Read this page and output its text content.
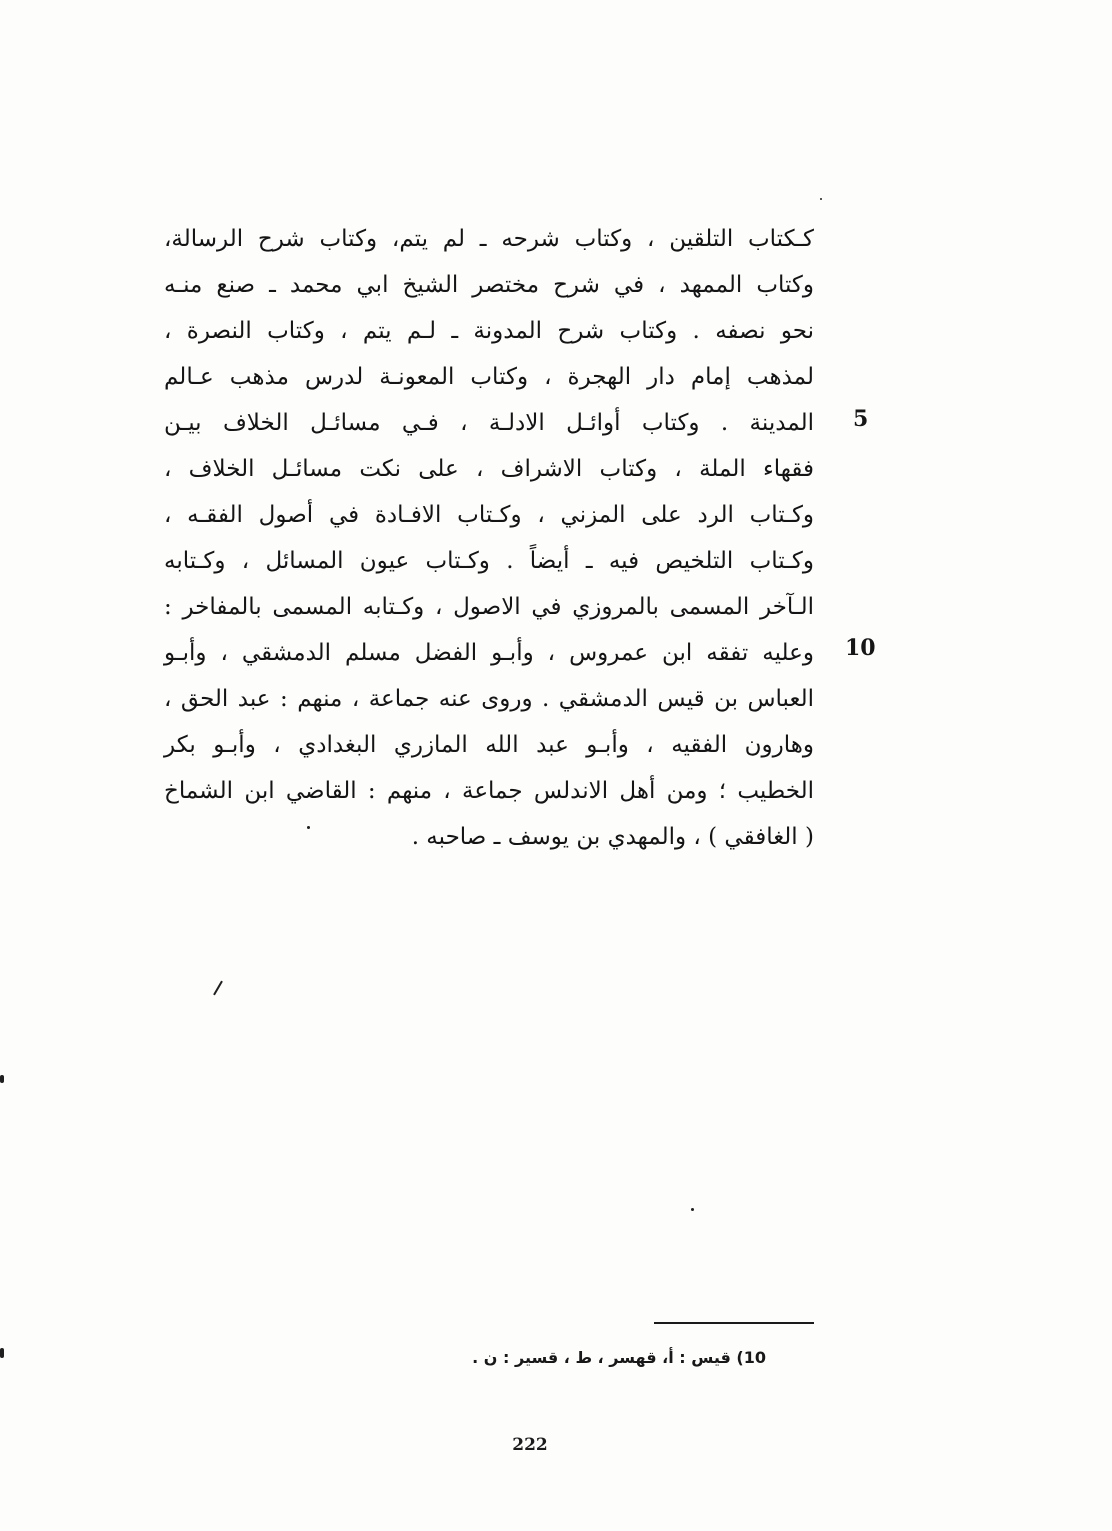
كـكتاب التلقين ، وكتاب شرحه ـ لم يتم، وكتاب شرح الرسالة،
وكتاب الممهد ، في شرح مختصر الشيخ ابي محمد ـ صنع منـه
نحو نصفه . وكتاب شرح المدونة ـ لـم يتم ، وكتاب النصرة ،
لمذهب إمام دار الهجرة ، وكتاب المعونـة لدرس مذهب عـالم
المدينة . وكتاب أوائـل الادلـة ، فـي مسائـل الخلاف بيـن
فقهاء الملة ، وكتاب الاشراف ، على نكت مسائـل الخلاف ،
وكـتاب الرد على المزني ، وكـتاب الافـادة في أصول الفقـه ،
وكـتاب التلخيص فيه ـ أيضاً . وكـتاب عيون المسائل ، وكـتابه
الـآخر المسمى بالمروزي في الاصول ، وكـتابه المسمى بالمفاخر :
وعليه تفقه ابن عمروس ، وأبـو الفضل مسلم الدمشقي ، وأبـو
العباس بن قيس الدمشقي . وروى عنه جماعة ، منهم : عبد الحق ،
وهارون الفقيه ، وأبـو عبد الله المازري البغدادي ، وأبـو بكر
الخطيب ؛ ومن أهل الاندلس جماعة ، منهم : القاضي ابن الشماخ
( الغافقي ) ، والمهدي بن يوسف ـ صاحبه .
5
10
10) قيس : أ، قهسر ، ط ، قسير : ن .
222
